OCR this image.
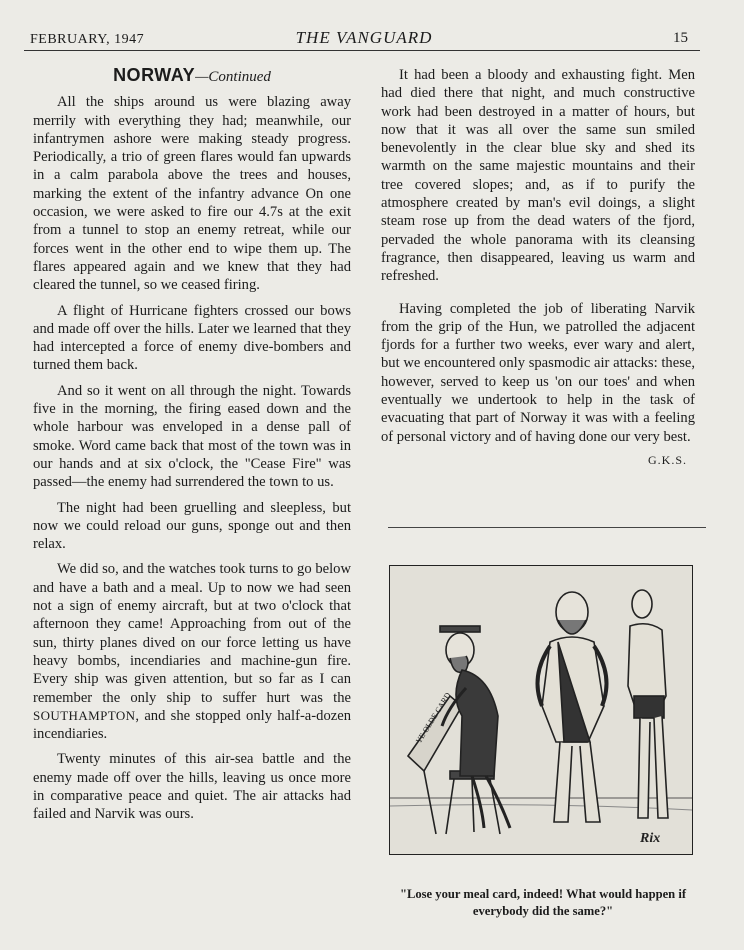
FEBRUARY, 1947	THE VANGUARD	15

NORWAY—Continued

All the ships around us were blazing away merrily with everything they had; meanwhile, our infantrymen ashore were making steady progress. Periodically, a trio of green flares would fan upwards in a calm parabola above the trees and houses, marking the extent of the infantry advance On one occasion, we were asked to fire our 4.7s at the exit from a tunnel to stop an enemy retreat, while our forces went in the other end to wipe them up. The flares appeared again and we knew that they had cleared the tunnel, so we ceased firing.

A flight of Hurricane fighters crossed our bows and made off over the hills. Later we learned that they had intercepted a force of enemy dive-bombers and turned them back.

And so it went on all through the night. Towards five in the morning, the firing eased down and the whole harbour was enveloped in a dense pall of smoke. Word came back that most of the town was in our hands and at six o'clock, the "Cease Fire" was passed—the enemy had surrendered the town to us.

The night had been gruelling and sleepless, but now we could reload our guns, sponge out and then relax.

We did so, and the watches took turns to go below and have a bath and a meal. Up to now we had seen not a sign of enemy aircraft, but at two o'clock that afternoon they came! Approaching from out of the sun, thirty planes dived on our force letting us have heavy bombs, incendiaries and machine-gun fire. Every ship was given attention, but so far as I can remember the only ship to suffer hurt was the SOUTHAMPTON, and she stopped only half-a-dozen incendiaries.

Twenty minutes of this air-sea battle and the enemy made off over the hills, leaving us once more in comparative peace and quiet. The air attacks had failed and Narvik was ours.

It had been a bloody and exhausting fight. Men had died there that night, and much constructive work had been destroyed in a matter of hours, but now that it was all over the same sun smiled benevolently in the clear blue sky and shed its warmth on the same majestic mountains and their tree covered slopes; and, as if to purify the atmosphere created by man's evil doings, a slight steam rose up from the dead waters of the fjord, pervaded the whole panorama with its cleansing fragrance, then disappeared, leaving us warm and refreshed.

Having completed the job of liberating Narvik from the grip of the Hun, we patrolled the adjacent fjords for a further two weeks, ever wary and alert, but we encountered only spasmodic air attacks: these, however, served to keep us 'on our toes' and when eventually we undertook to help in the task of evacuating that part of Norway it was with a feeling of personal victory and of having done our very best.

G.K.S.
YE OLDE CARD
Rix
"Lose your meal card, indeed! What would happen if everybody did the same?"
